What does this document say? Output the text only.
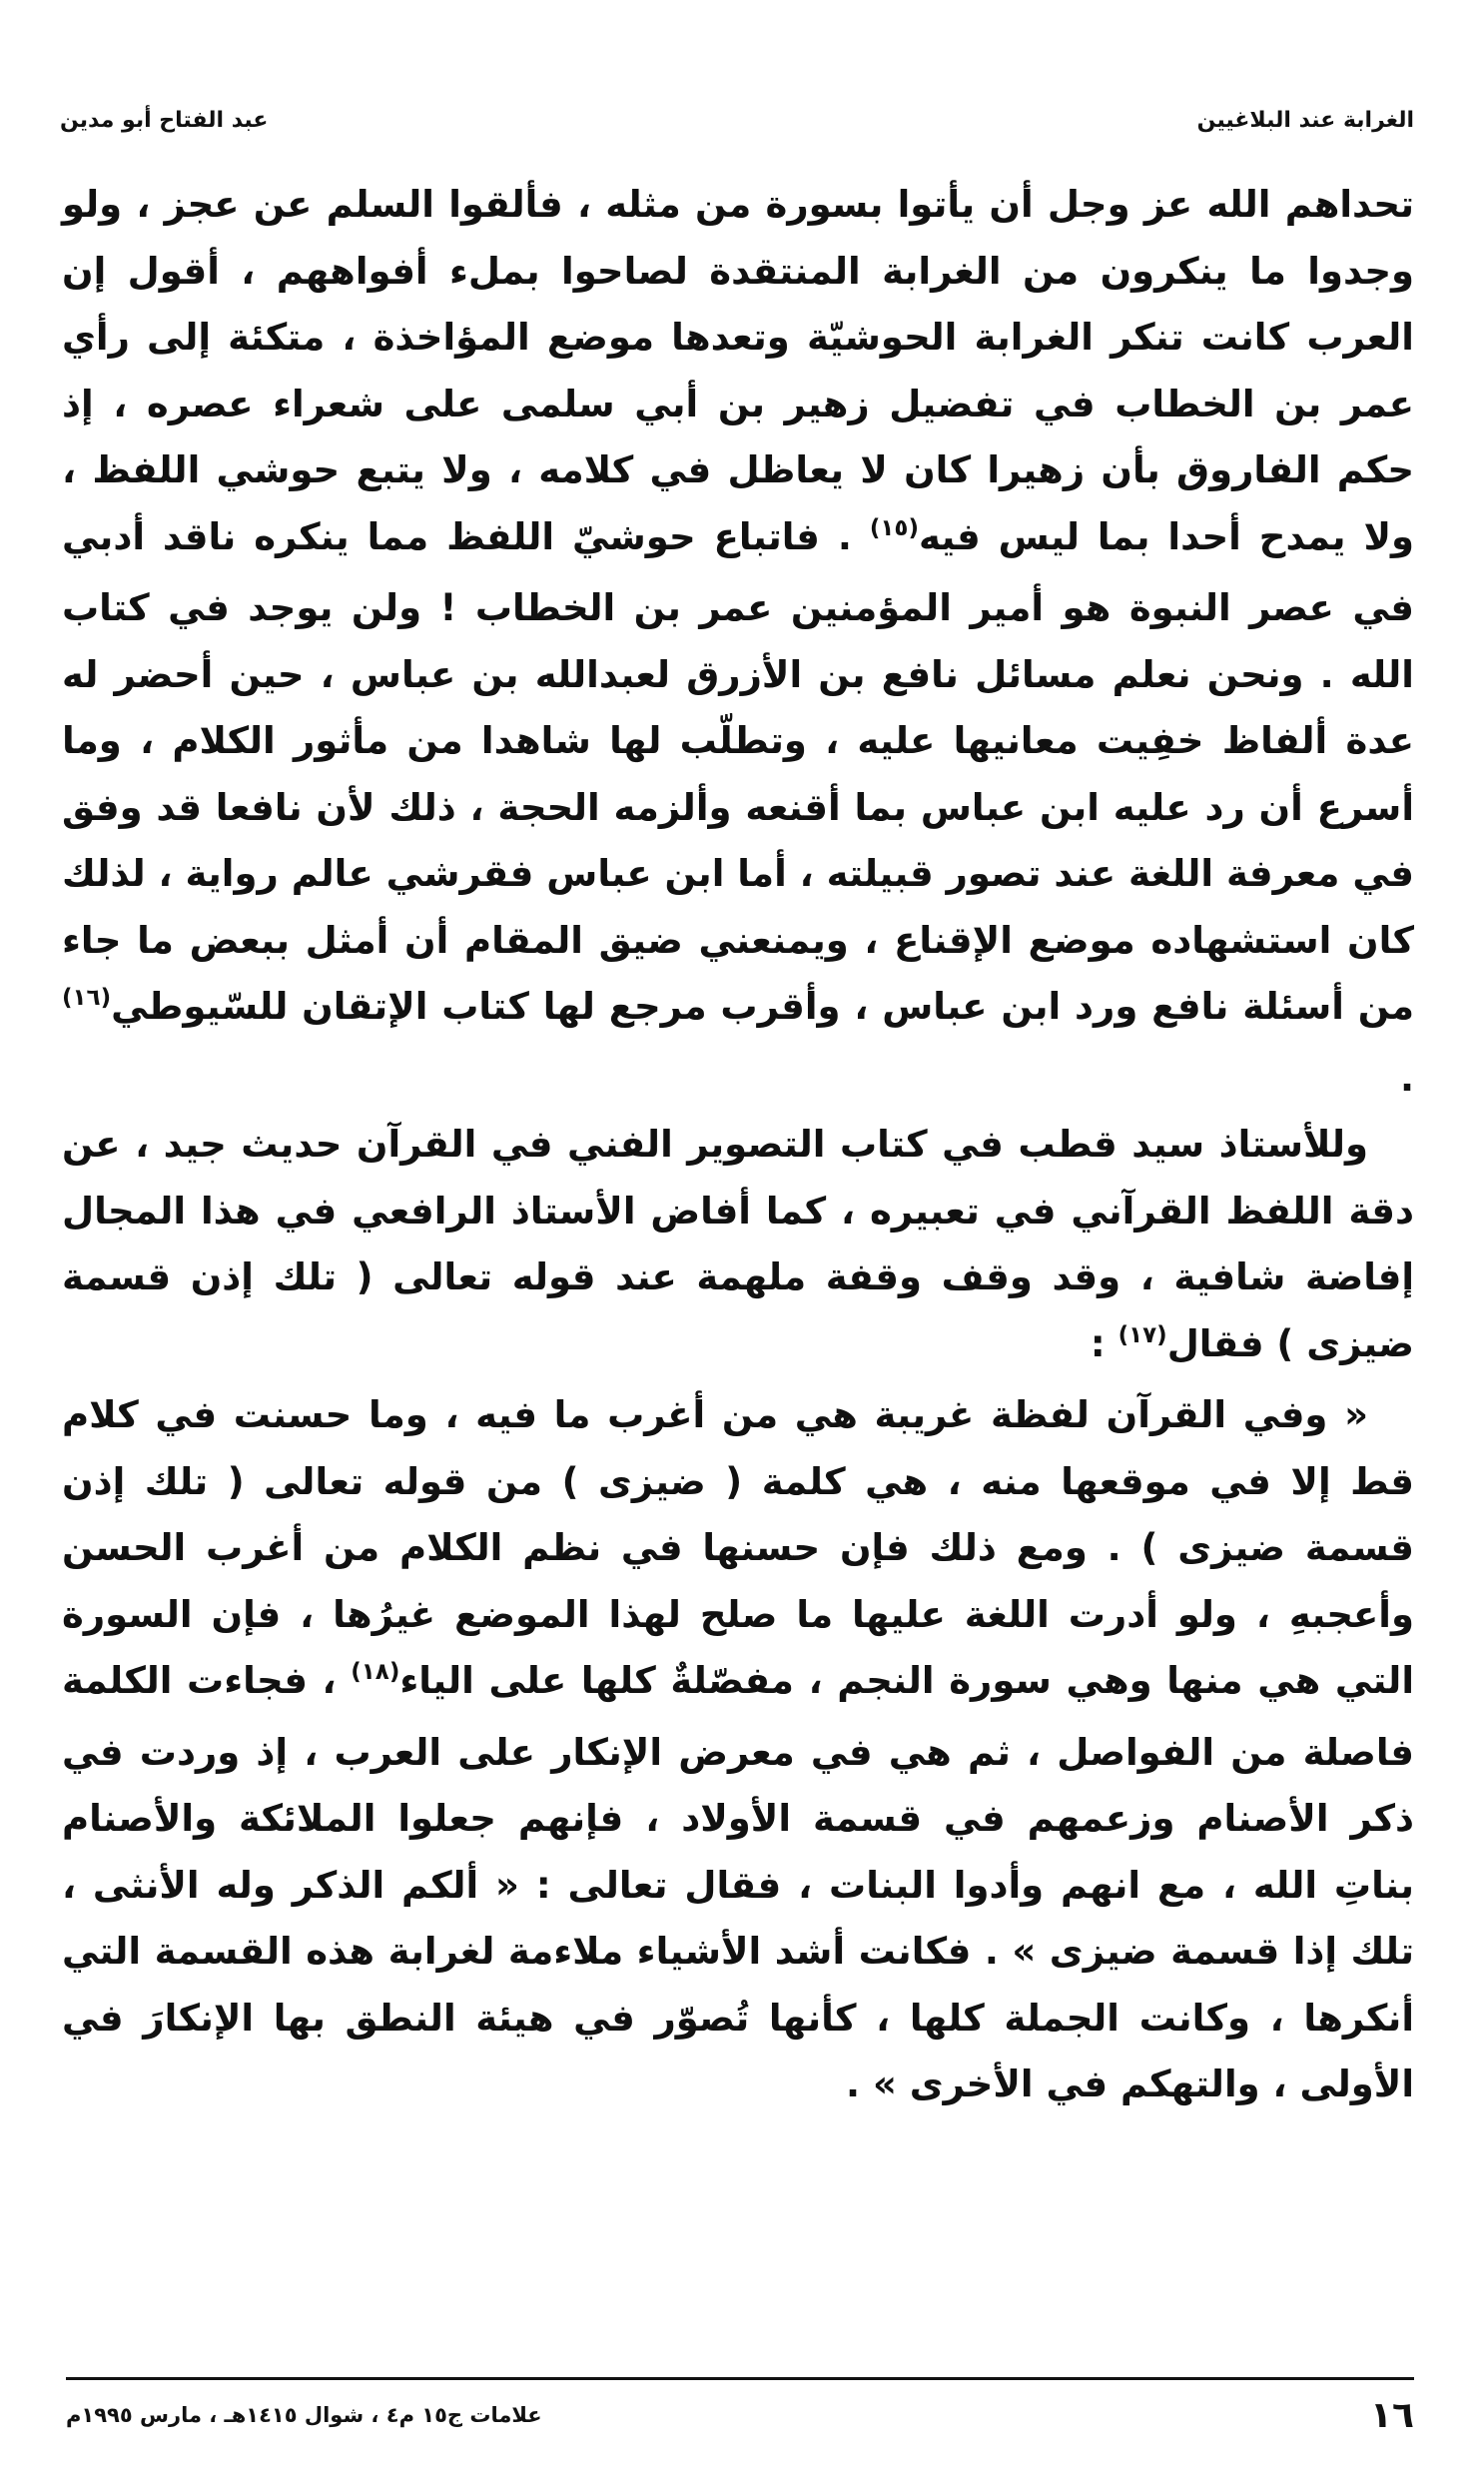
الغرابة عند البلاغيين
عبد الفتاح أبو مدين

تحداهم الله عز وجل أن يأتوا بسورة من مثله ، فألقوا السلم عن عجز ، ولو وجدوا ما ينكرون من الغرابة المنتقدة لصاحوا بملء أفواههم ، أقول إن العرب كانت تنكر الغرابة الحوشيّة وتعدها موضع المؤاخذة ، متكئة إلى رأي عمر بن الخطاب في تفضيل زهير بن أبي سلمى على شعراء عصره ، إذ حكم الفاروق بأن زهيرا كان لا يعاظل في كلامه ، ولا يتبع حوشي اللفظ ، ولا يمدح أحدا بما ليس فيه$^{(١٥)}$ . فاتباع حوشيّ اللفظ مما ينكره ناقد أدبي في عصر النبوة هو أمير المؤمنين عمر بن الخطاب ! ولن يوجد في كتاب الله . ونحن نعلم مسائل نافع بن الأزرق لعبدالله بن عباس ، حين أحضر له عدة ألفاظ خفِيت معانيها عليه ، وتطلّب لها شاهدا من مأثور الكلام ، وما أسرع أن رد عليه ابن عباس بما أقنعه وألزمه الحجة ، ذلك لأن نافعا قد وفق في معرفة اللغة عند تصور قبيلته ، أما ابن عباس فقرشي عالم رواية ، لذلك كان استشهاده موضع الإقناع ، ويمنعني ضيق المقام أن أمثل ببعض ما جاء من أسئلة نافع ورد ابن عباس ، وأقرب مرجع لها كتاب الإتقان للسّيوطي$^{(١٦)}$ .

وللأستاذ سيد قطب في كتاب التصوير الفني في القرآن حديث جيد ، عن دقة اللفظ القرآني في تعبيره ، كما أفاض الأستاذ الرافعي في هذا المجال إفاضة شافية ، وقد وقف وقفة ملهمة عند قوله تعالى ( تلك إذن قسمة ضيزى ) فقال$^{(١٧)}$ :

« وفي القرآن لفظة غريبة هي من أغرب ما فيه ، وما حسنت في كلام قط إلا في موقعها منه ، هي كلمة ( ضيزى ) من قوله تعالى ( تلك إذن قسمة ضيزى ) . ومع ذلك فإن حسنها في نظم الكلام من أغرب الحسن وأعجبهِ ، ولو أدرت اللغة عليها ما صلح لهذا الموضع غيرُها ، فإن السورة التي هي منها وهي سورة النجم ، مفصّلةٌ كلها على الياء$^{(١٨)}$ ، فجاءت الكلمة فاصلة من الفواصل ، ثم هي في معرض الإنكار على العرب ، إذ وردت في ذكر الأصنام وزعمهم في قسمة الأولاد ، فإنهم جعلوا الملائكة والأصنام بناتِ الله ، مع انهم وأدوا البنات ، فقال تعالى : « ألكم الذكر وله الأنثى ، تلك إذا قسمة ضيزى » . فكانت أشد الأشياء ملاءمة لغرابة هذه القسمة التي أنكرها ، وكانت الجملة كلها ، كأنها تُصوّر في هيئة النطق بها الإنكارَ في الأولى ، والتهكم في الأخرى » .

١٦
علامات ج١٥ م٤ ، شوال ١٤١٥هـ ، مارس ١٩٩٥م
